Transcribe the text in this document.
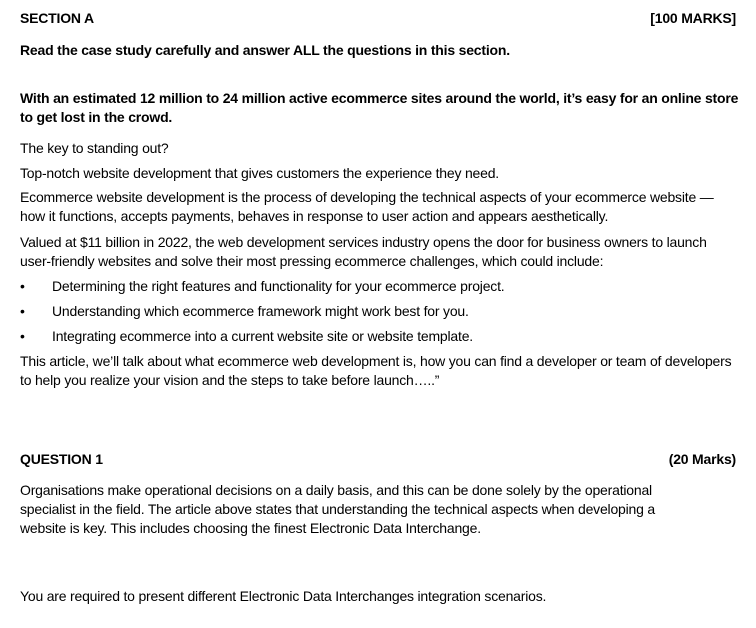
SECTION A	[100 MARKS]

Read the case study carefully and answer ALL the questions in this section.

With an estimated 12 million to 24 million active ecommerce sites around the world, it’s easy for an online store to get lost in the crowd.

The key to standing out?

Top-notch website development that gives customers the experience they need.

Ecommerce website development is the process of developing the technical aspects of your ecommerce website — how it functions, accepts payments, behaves in response to user action and appears aesthetically.

Valued at $11 billion in 2022, the web development services industry opens the door for business owners to launch user-friendly websites and solve their most pressing ecommerce challenges, which could include:

• Determining the right features and functionality for your ecommerce project.
• Understanding which ecommerce framework might work best for you.
• Integrating ecommerce into a current website site or website template.

This article, we’ll talk about what ecommerce web development is, how you can find a developer or team of developers to help you realize your vision and the steps to take before launch…..”

QUESTION 1	(20 Marks)

Organisations make operational decisions on a daily basis, and this can be done solely by the operational specialist in the field. The article above states that understanding the technical aspects when developing a website is key. This includes choosing the finest Electronic Data Interchange.

You are required to present different Electronic Data Interchanges integration scenarios.
